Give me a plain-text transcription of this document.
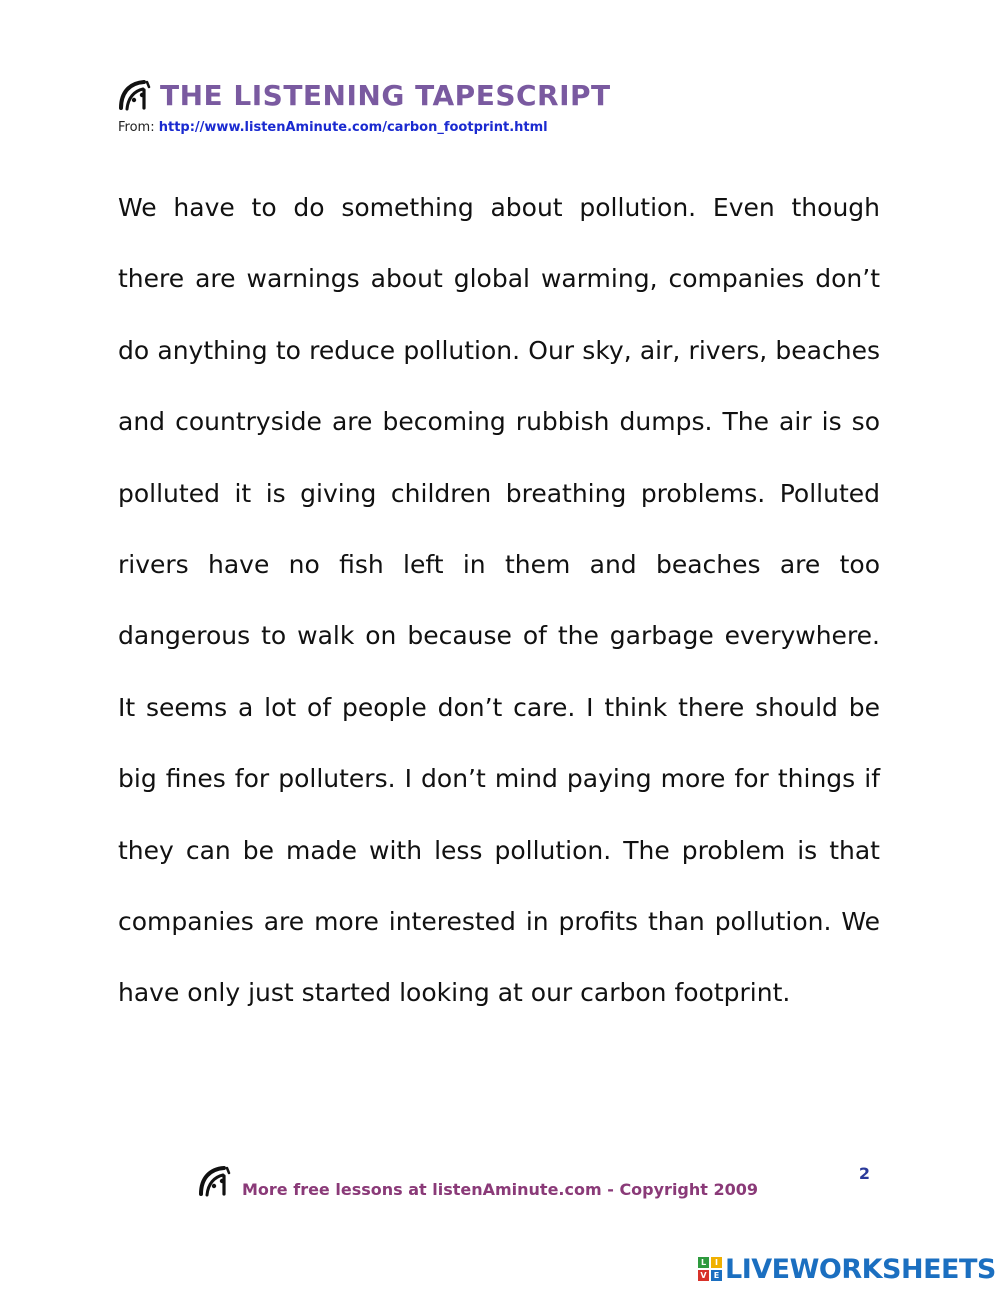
THE LISTENING TAPESCRIPT
From: http://www.listenAminute.com/carbon_footprint.html
We have to do something about pollution. Even though there are warnings about global warming, companies don’t do anything to reduce pollution. Our sky, air, rivers, beaches and countryside are becoming rubbish dumps. The air is so polluted it is giving children breathing problems. Polluted rivers have no fish left in them and beaches are too dangerous to walk on because of the garbage everywhere. It seems a lot of people don’t care. I think there should be big fines for polluters. I don’t mind paying more for things if they can be made with less pollution. The problem is that companies are more interested in profits than pollution. We have only just started looking at our carbon footprint.
More free lessons at listenAminute.com - Copyright 2009
2
L	I
V E LIVEWORKSHEETS
